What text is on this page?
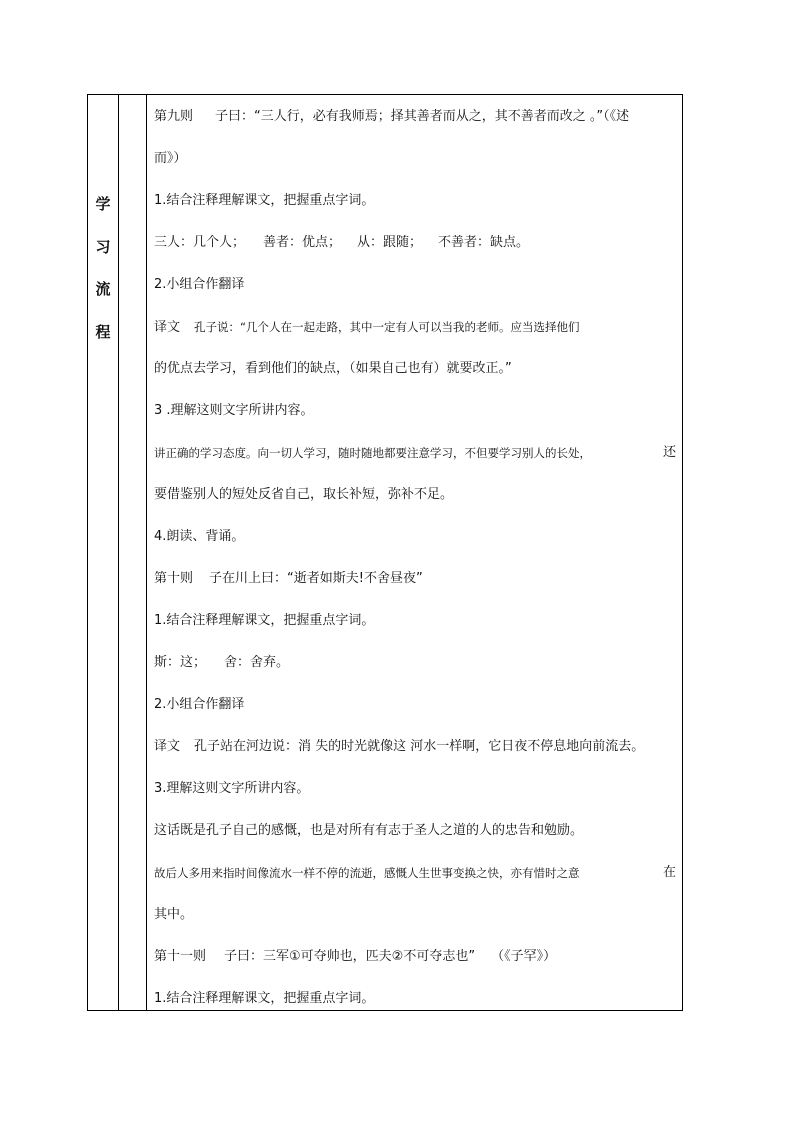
学
习
流
程

第九则 子曰：“三人行，必有我师焉；择其善者而从之，其不善者而改之 。”（《述
而》）
1.结合注释理解课文，把握重点字词。
三人：几个人； 善者：优点； 从：跟随； 不善者：缺点。
2.小组合作翻译
译文 孔子说：“几个人在一起走路，其中一定有人可以当我的老师。应当选择他们
的优点去学习，看到他们的缺点，（如果自己也有）就要改正。”
3 .理解这则文字所讲内容。
讲正确的学习态度。向一切人学习，随时随地都要注意学习，不但要学习别人的长处，	还
要借鉴别人的短处反省自己，取长补短，弥补不足。
4.朗读、背诵。
第十则 子在川上曰：“逝者如斯夫!不舍昼夜”
1.结合注释理解课文，把握重点字词。
斯：这； 舍：舍弃。
2.小组合作翻译
译文 孔子站在河边说：消 失的时光就像这 河水一样啊，它日夜不停息地向前流去。
3.理解这则文字所讲内容。
这话既是孔子自己的感慨，也是对所有有志于圣人之道的人的忠告和勉励。
故后人多用来指时间像流水一样不停的流逝，感慨人生世事变换之快，亦有惜时之意	在
其中。
第十一则 子曰：三军①可夺帅也，匹夫②不可夺志也” （《子罕》）
1.结合注释理解课文，把握重点字词。
